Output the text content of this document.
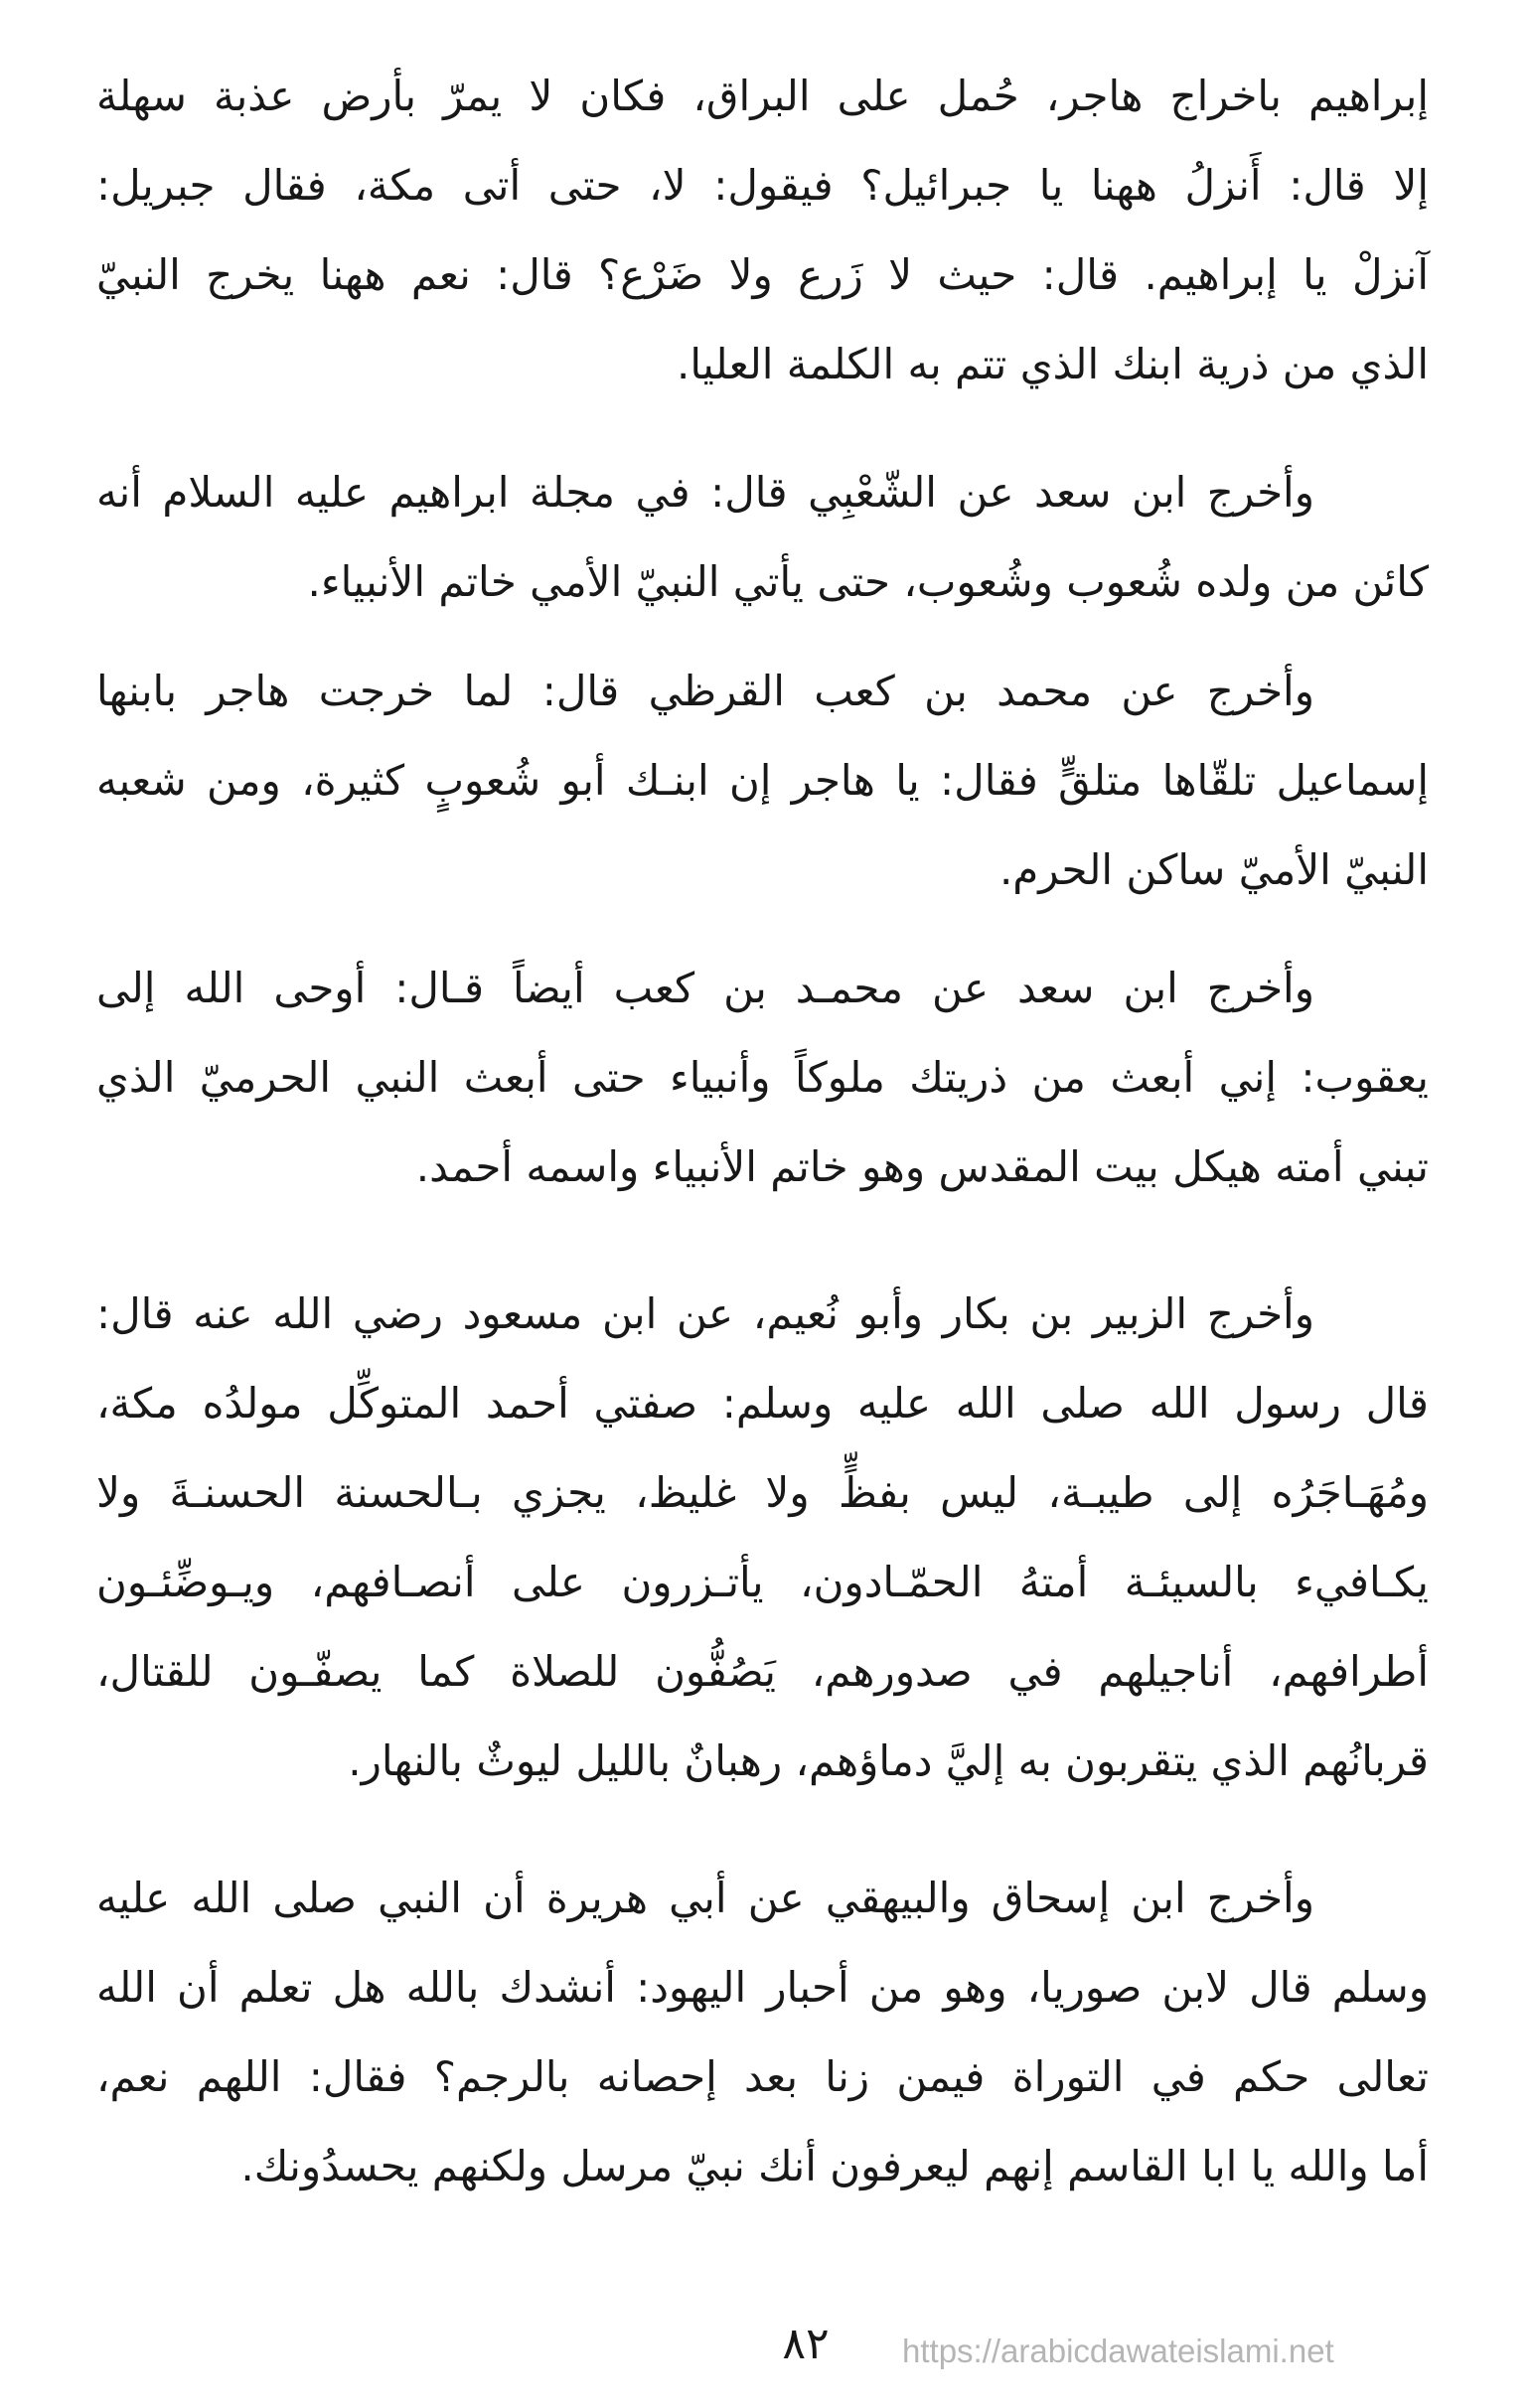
إبراهيم باخراج هاجر، حُمل على البراق، فكان لا يمرّ بأرض عذبة سهلة
إلا قال: أَنزلُ ههنا يا جبرائيل؟ فيقول: لا، حتى أتى مكة، فقال جبريل:
آنزلْ يا إبراهيم. قال: حيث لا زَرع ولا ضَرْع؟ قال: نعم ههنا يخرج النبيّ
الذي من ذرية ابنك الذي تتم به الكلمة العليا.
وأخرج ابن سعد عن الشّعْبِي قال: في مجلة ابراهيم عليه السلام أنه
كائن من ولده شُعوب وشُعوب، حتى يأتي النبيّ الأمي خاتم الأنبياء.
وأخرج عن محمد بن كعب القرظي قال: لما خرجت هاجر بابنها
إسماعيل تلقّاها متلقٍّ فقال: يا هاجر إن ابنـك أبو شُعوبٍ كثيرة، ومن شعبه
النبيّ الأميّ ساكن الحرم.
وأخرج ابن سعد عن محمـد بن كعب أيضاً قـال: أوحى الله إلى
يعقوب: إني أبعث من ذريتك ملوكاً وأنبياء حتى أبعث النبي الحرميّ الذي
تبني أمته هيكل بيت المقدس وهو خاتم الأنبياء واسمه أحمد.
وأخرج الزبير بن بكار وأبو نُعيم، عن ابن مسعود رضي الله عنه قال:
قال رسول الله صلى الله عليه وسلم: صفتي أحمد المتوكِّل مولدُه مكة،
ومُهَـاجَرُه إلى طيبـة، ليس بفظٍّ ولا غليظ، يجزي بـالحسنة الحسنـةَ ولا
يكـافيء بالسيئـة أمتهُ الحمّـادون، يأتـزرون على أنصـافهم، ويـوضِّئـون
أطرافهم، أناجيلهم في صدورهم، يَصُفُّون للصلاة كما يصفّـون للقتال،
قربانُهم الذي يتقربون به إليَّ دماؤهم، رهبانٌ بالليل ليوثٌ بالنهار.
وأخرج ابن إسحاق والبيهقي عن أبي هريرة أن النبي صلى الله عليه
وسلم قال لابن صوريا، وهو من أحبار اليهود: أنشدك بالله هل تعلم أن الله
تعالى حكم في التوراة فيمن زنا بعد إحصانه بالرجم؟ فقال: اللهم نعم،
أما والله يا ابا القاسم إنهم ليعرفون أنك نبيّ مرسل ولكنهم يحسدُونك.
٨٢	https://arabicdawateislami.net
